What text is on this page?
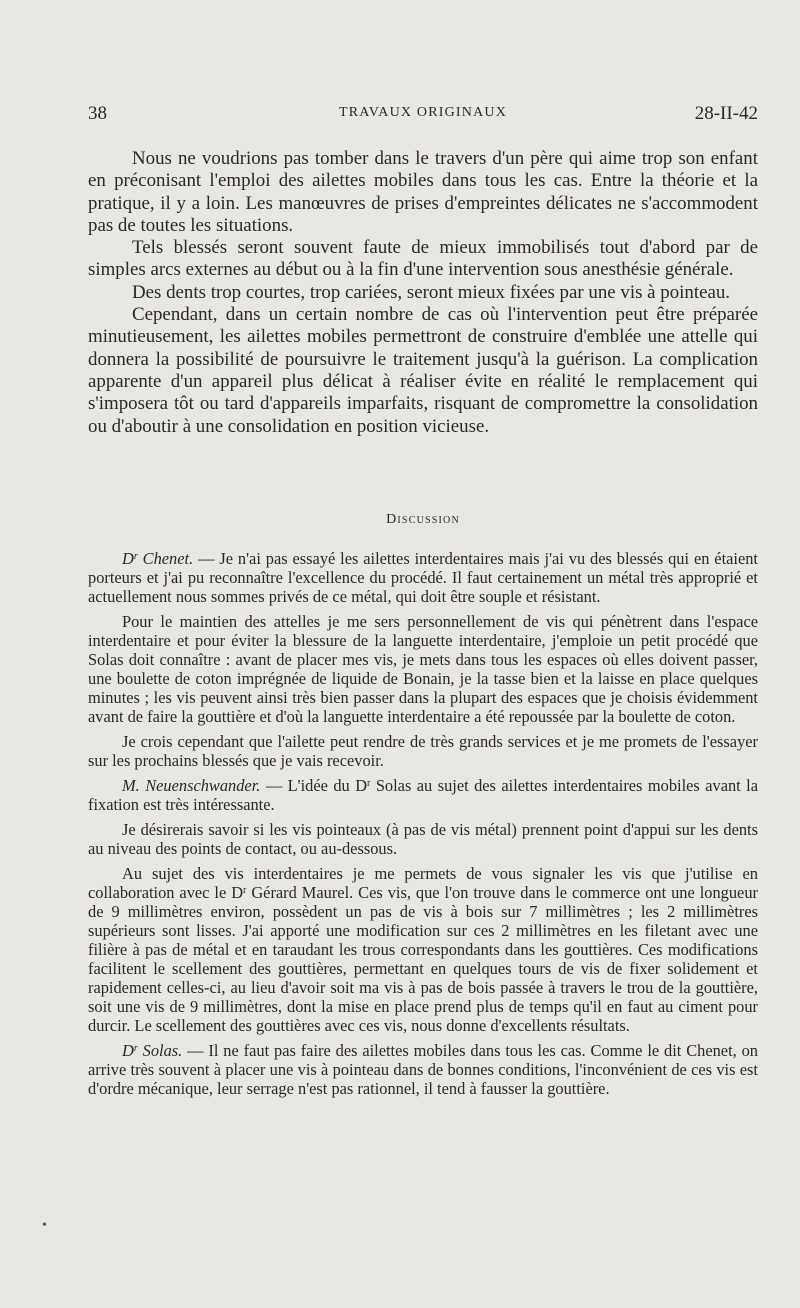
38	TRAVAUX ORIGINAUX	28-II-42

Nous ne voudrions pas tomber dans le travers d'un père qui aime trop son enfant en préconisant l'emploi des ailettes mobiles dans tous les cas. Entre la théorie et la pratique, il y a loin. Les manœuvres de prises d'empreintes délicates ne s'accommodent pas de toutes les situations.

Tels blessés seront souvent faute de mieux immobilisés tout d'abord par de simples arcs externes au début ou à la fin d'une intervention sous anesthésie générale.

Des dents trop courtes, trop cariées, seront mieux fixées par une vis à pointeau.

Cependant, dans un certain nombre de cas où l'intervention peut être préparée minutieusement, les ailettes mobiles permettront de construire d'emblée une attelle qui donnera la possibilité de poursuivre le traitement jusqu'à la guérison. La complication apparente d'un appareil plus délicat à réaliser évite en réalité le remplacement qui s'imposera tôt ou tard d'appareils imparfaits, risquant de compromettre la consolidation ou d'aboutir à une consolidation en position vicieuse.

Discussion

$D^r$ Chenet. — Je n'ai pas essayé les ailettes interdentaires mais j'ai vu des blessés qui en étaient porteurs et j'ai pu reconnaître l'excellence du procédé. Il faut certainement un métal très approprié et actuellement nous sommes privés de ce métal, qui doit être souple et résistant.

Pour le maintien des attelles je me sers personnellement de vis qui pénètrent dans l'espace interdentaire et pour éviter la blessure de la languette interdentaire, j'emploie un petit procédé que Solas doit connaître : avant de placer mes vis, je mets dans tous les espaces où elles doivent passer, une boulette de coton imprégnée de liquide de Bonain, je la tasse bien et la laisse en place quelques minutes ; les vis peuvent ainsi très bien passer dans la plupart des espaces que je choisis évidemment avant de faire la gouttière et d'où la languette interdentaire a été repoussée par la boulette de coton.

Je crois cependant que l'ailette peut rendre de très grands services et je me promets de l'essayer sur les prochains blessés que je vais recevoir.

M. Neuenschwander. — L'idée du $D^r$ Solas au sujet des ailettes interdentaires mobiles avant la fixation est très intéressante.

Je désirerais savoir si les vis pointeaux (à pas de vis métal) prennent point d'appui sur les dents au niveau des points de contact, ou au-dessous.

Au sujet des vis interdentaires je me permets de vous signaler les vis que j'utilise en collaboration avec le $D^r$ Gérard Maurel. Ces vis, que l'on trouve dans le commerce ont une longueur de 9 millimètres environ, possèdent un pas de vis à bois sur 7 millimètres ; les 2 millimètres supérieurs sont lisses. J'ai apporté une modification sur ces 2 millimètres en les filetant avec une filière à pas de métal et en taraudant les trous correspondants dans les gouttières. Ces modifications facilitent le scellement des gouttières, permettant en quelques tours de vis de fixer solidement et rapidement celles-ci, au lieu d'avoir soit ma vis à pas de bois passée à travers le trou de la gouttière, soit une vis de 9 millimètres, dont la mise en place prend plus de temps qu'il en faut au ciment pour durcir. Le scellement des gouttières avec ces vis, nous donne d'excellents résultats.

$D^r$ Solas. — Il ne faut pas faire des ailettes mobiles dans tous les cas. Comme le dit Chenet, on arrive très souvent à placer une vis à pointeau dans de bonnes conditions, l'inconvénient de ces vis est d'ordre mécanique, leur serrage n'est pas rationnel, il tend à fausser la gouttière.

•
